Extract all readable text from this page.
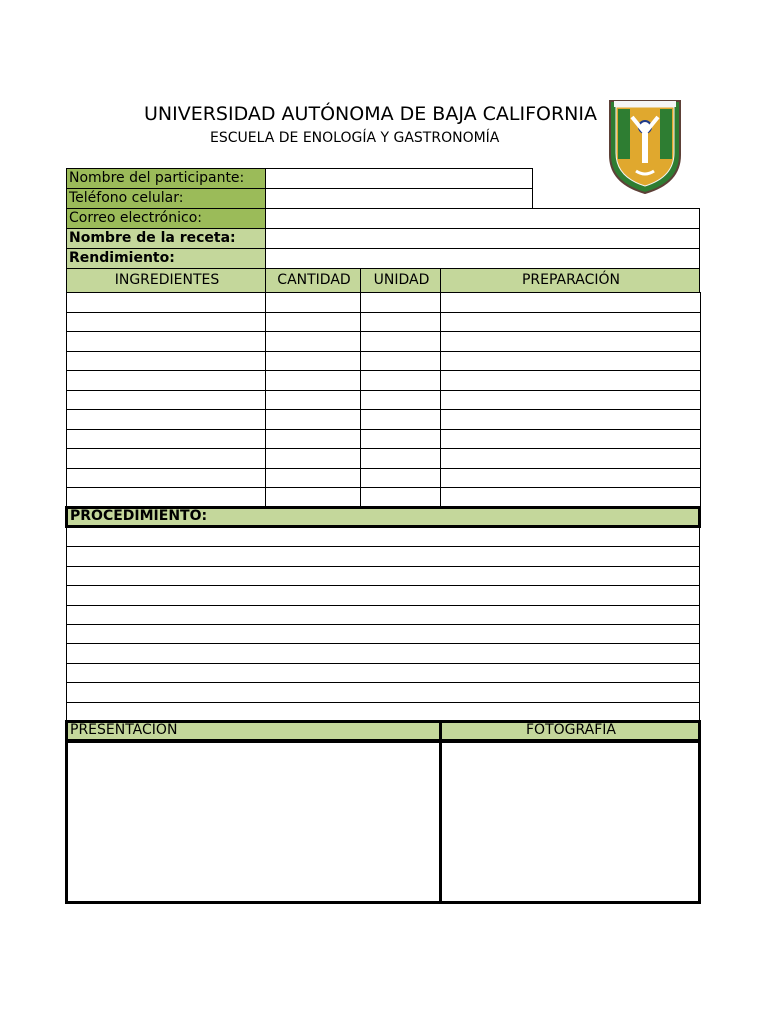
UNIVERSIDAD AUTÓNOMA DE BAJA CALIFORNIA
ESCUELA DE ENOLOGÍA Y GASTRONOMÍA
Nombre del participante:
Teléfono celular:
Correo electrónico:
Nombre de la receta:
Rendimiento:
INGREDIENTES	CANTIDAD	UNIDAD	PREPARACIÓN
PROCEDIMIENTO:
PRESENTACION	FOTOGRAFIA
